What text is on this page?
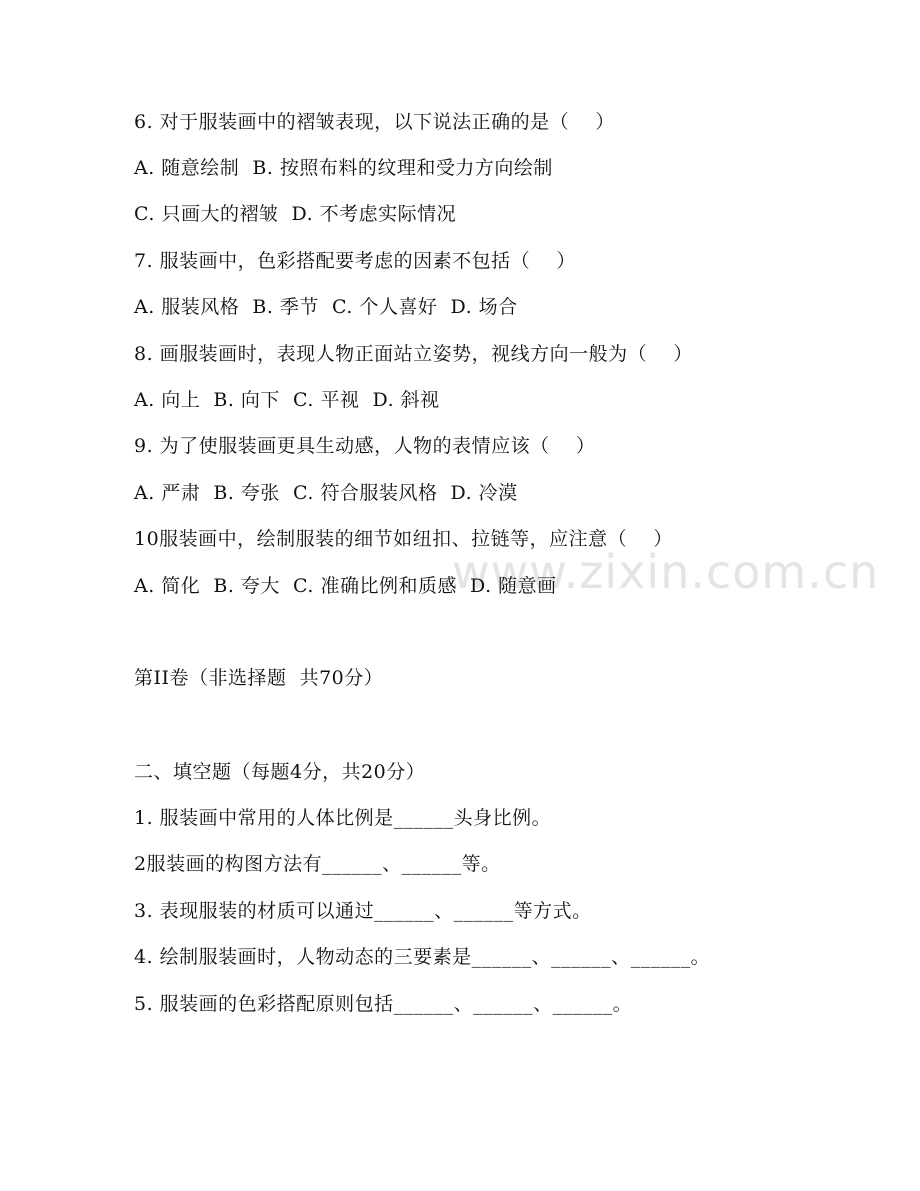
www.zixin.com.cn
6. 对于服装画中的褶皱表现，以下说法正确的是（    ）
A. 随意绘制  B. 按照布料的纹理和受力方向绘制
C. 只画大的褶皱  D. 不考虑实际情况
7. 服装画中，色彩搭配要考虑的因素不包括（    ）
A. 服装风格  B. 季节  C. 个人喜好  D. 场合
8. 画服装画时，表现人物正面站立姿势，视线方向一般为（    ）
A. 向上  B. 向下  C. 平视  D. 斜视
9. 为了使服装画更具生动感，人物的表情应该（    ）
A. 严肃  B. 夸张  C. 符合服装风格  D. 冷漠
10服装画中，绘制服装的细节如纽扣、拉链等，应注意（    ）
A. 简化  B. 夸大  C. 准确比例和质感  D. 随意画
第II卷（非选择题  共70分）
二、填空题（每题4分，共20分）
1. 服装画中常用的人体比例是______头身比例。
2服装画的构图方法有______、______等。
3. 表现服装的材质可以通过______、______等方式。
4. 绘制服装画时，人物动态的三要素是______、______、______。
5. 服装画的色彩搭配原则包括______、______、______。
